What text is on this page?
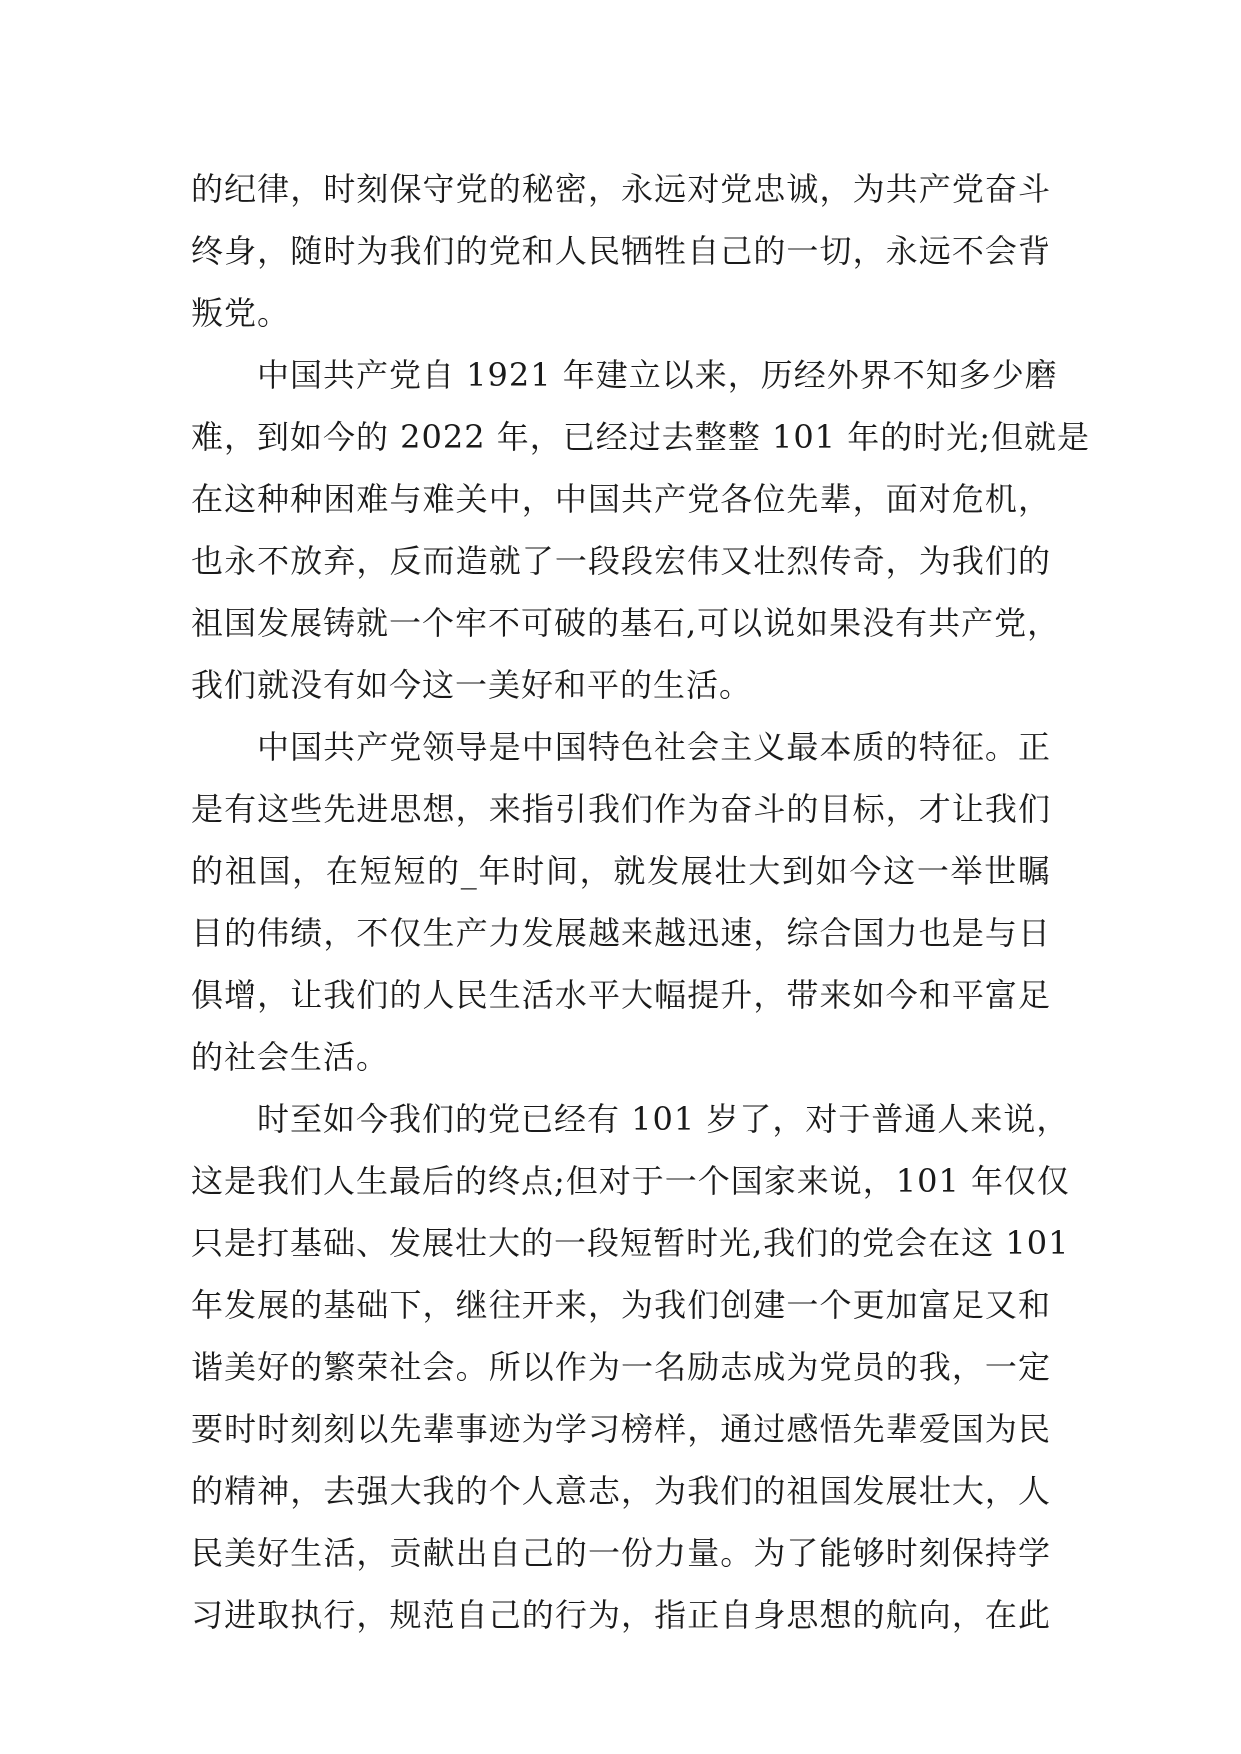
的纪律，时刻保守党的秘密，永远对党忠诚，为共产党奋斗
终身，随时为我们的党和人民牺牲自己的一切，永远不会背
叛党。
中国共产党自 1921 年建立以来，历经外界不知多少磨
难，到如今的 2022 年，已经过去整整 101 年的时光;但就是
在这种种困难与难关中，中国共产党各位先辈，面对危机，
也永不放弃，反而造就了一段段宏伟又壮烈传奇，为我们的
祖国发展铸就一个牢不可破的基石,可以说如果没有共产党，
我们就没有如今这一美好和平的生活。
中国共产党领导是中国特色社会主义最本质的特征。正
是有这些先进思想，来指引我们作为奋斗的目标，才让我们
的祖国，在短短的_年时间，就发展壮大到如今这一举世瞩
目的伟绩，不仅生产力发展越来越迅速，综合国力也是与日
俱增，让我们的人民生活水平大幅提升，带来如今和平富足
的社会生活。
时至如今我们的党已经有 101 岁了，对于普通人来说，
这是我们人生最后的终点;但对于一个国家来说，101 年仅仅
只是打基础、发展壮大的一段短暂时光,我们的党会在这 101
年发展的基础下，继往开来，为我们创建一个更加富足又和
谐美好的繁荣社会。所以作为一名励志成为党员的我，一定
要时时刻刻以先辈事迹为学习榜样，通过感悟先辈爱国为民
的精神，去强大我的个人意志，为我们的祖国发展壮大，人
民美好生活，贡献出自己的一份力量。为了能够时刻保持学
习进取执行，规范自己的行为，指正自身思想的航向，在此
